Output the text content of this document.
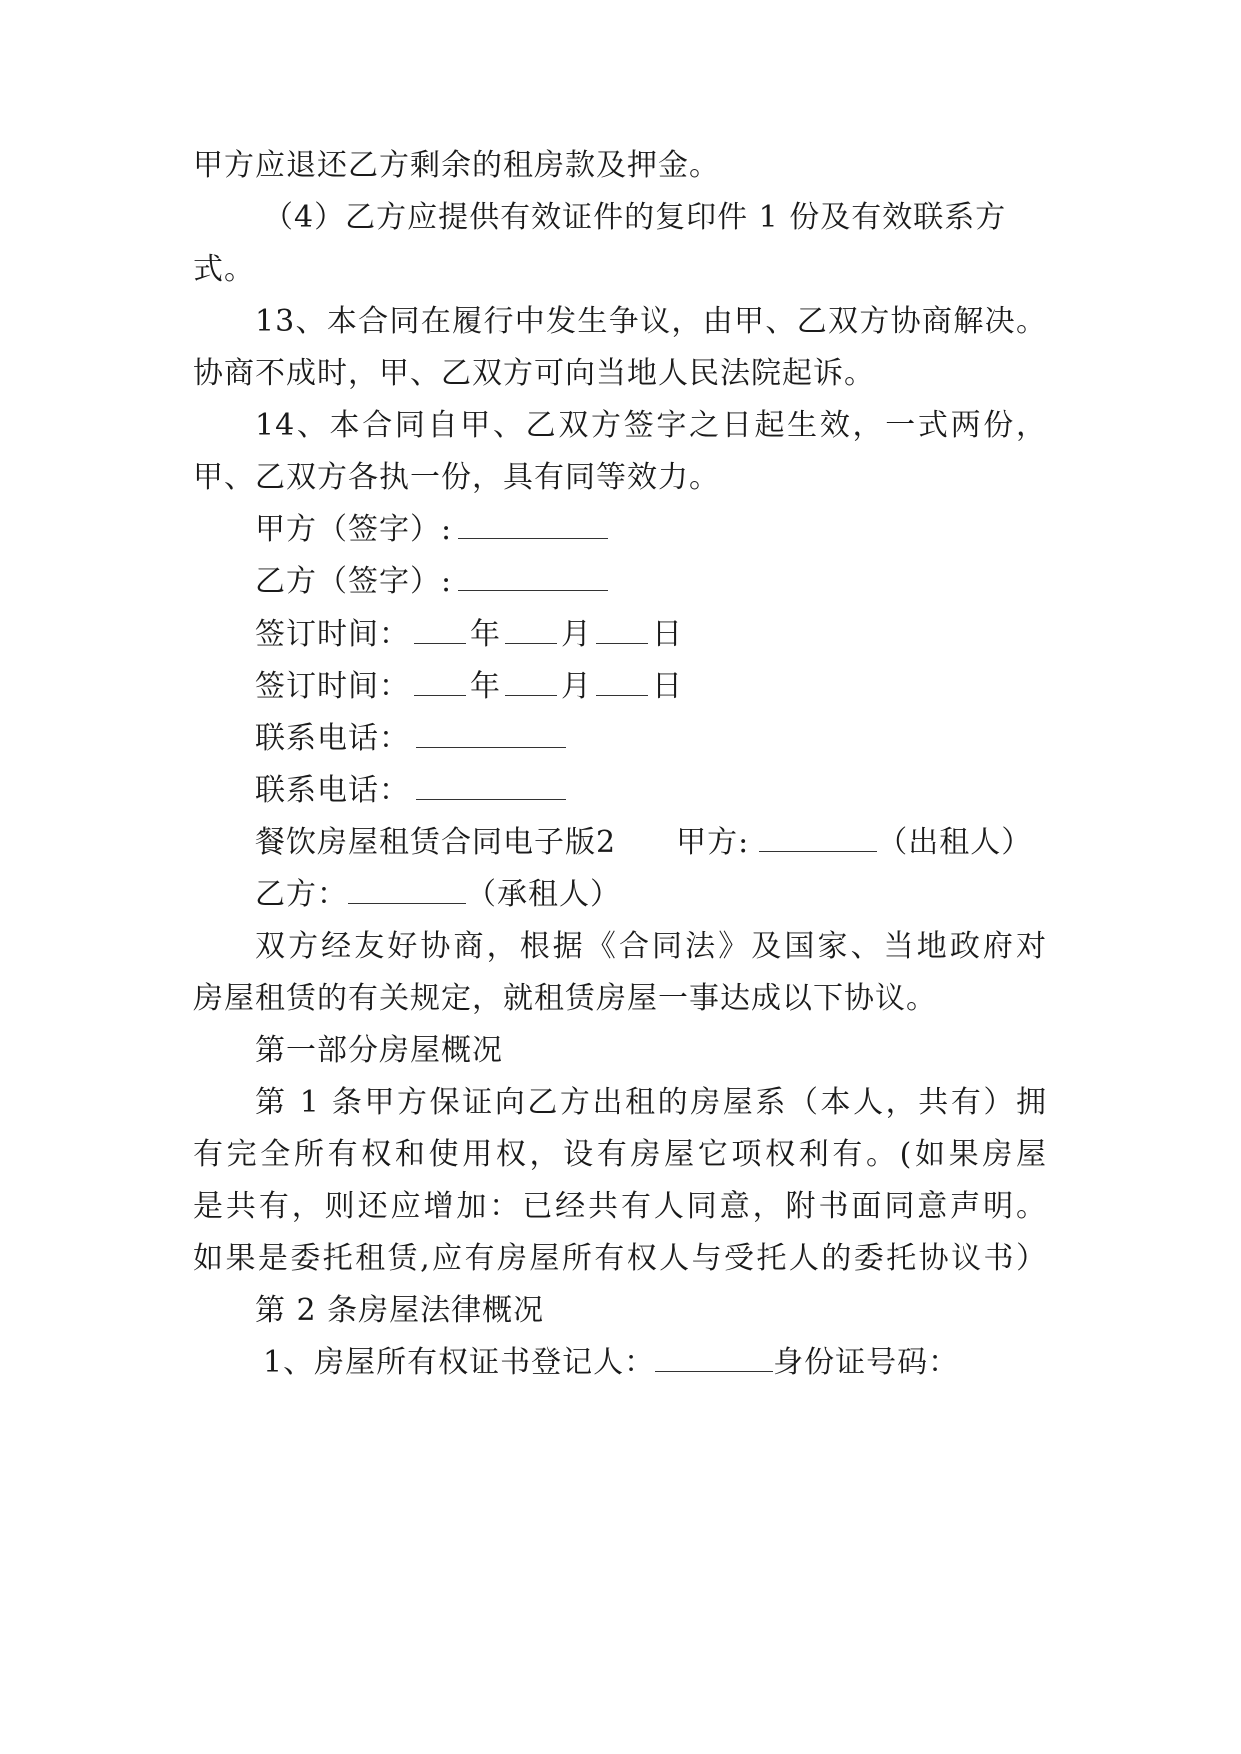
甲方应退还乙方剩余的租房款及押金。
（4）乙方应提供有效证件的复印件 1 份及有效联系方
式。
13、本合同在履行中发生争议，由甲、乙双方协商解决。
协商不成时，甲、乙双方可向当地人民法院起诉。
14、本合同自甲、乙双方签字之日起生效，一式两份，
甲、乙双方各执一份，具有同等效力。
甲方（签字）:
乙方（签字）:
签订时间： 年 月 日
签订时间： 年 月 日
联系电话：
联系电话：
餐饮房屋租赁合同电子版2 甲方:	（出租人）
乙方：	（承租人）
双方经友好协商，根据《合同法》及国家、当地政府对
房屋租赁的有关规定，就租赁房屋一事达成以下协议。
第一部分房屋概况
第 1 条甲方保证向乙方出租的房屋系（本人，共有）拥
有完全所有权和使用权，设有房屋它项权利有。(如果房屋
是共有，则还应增加：已经共有人同意，附书面同意声明。
如果是委托租赁,应有房屋所有权人与受托人的委托协议书）
第 2 条房屋法律概况
1、房屋所有权证书登记人：	身份证号码：
